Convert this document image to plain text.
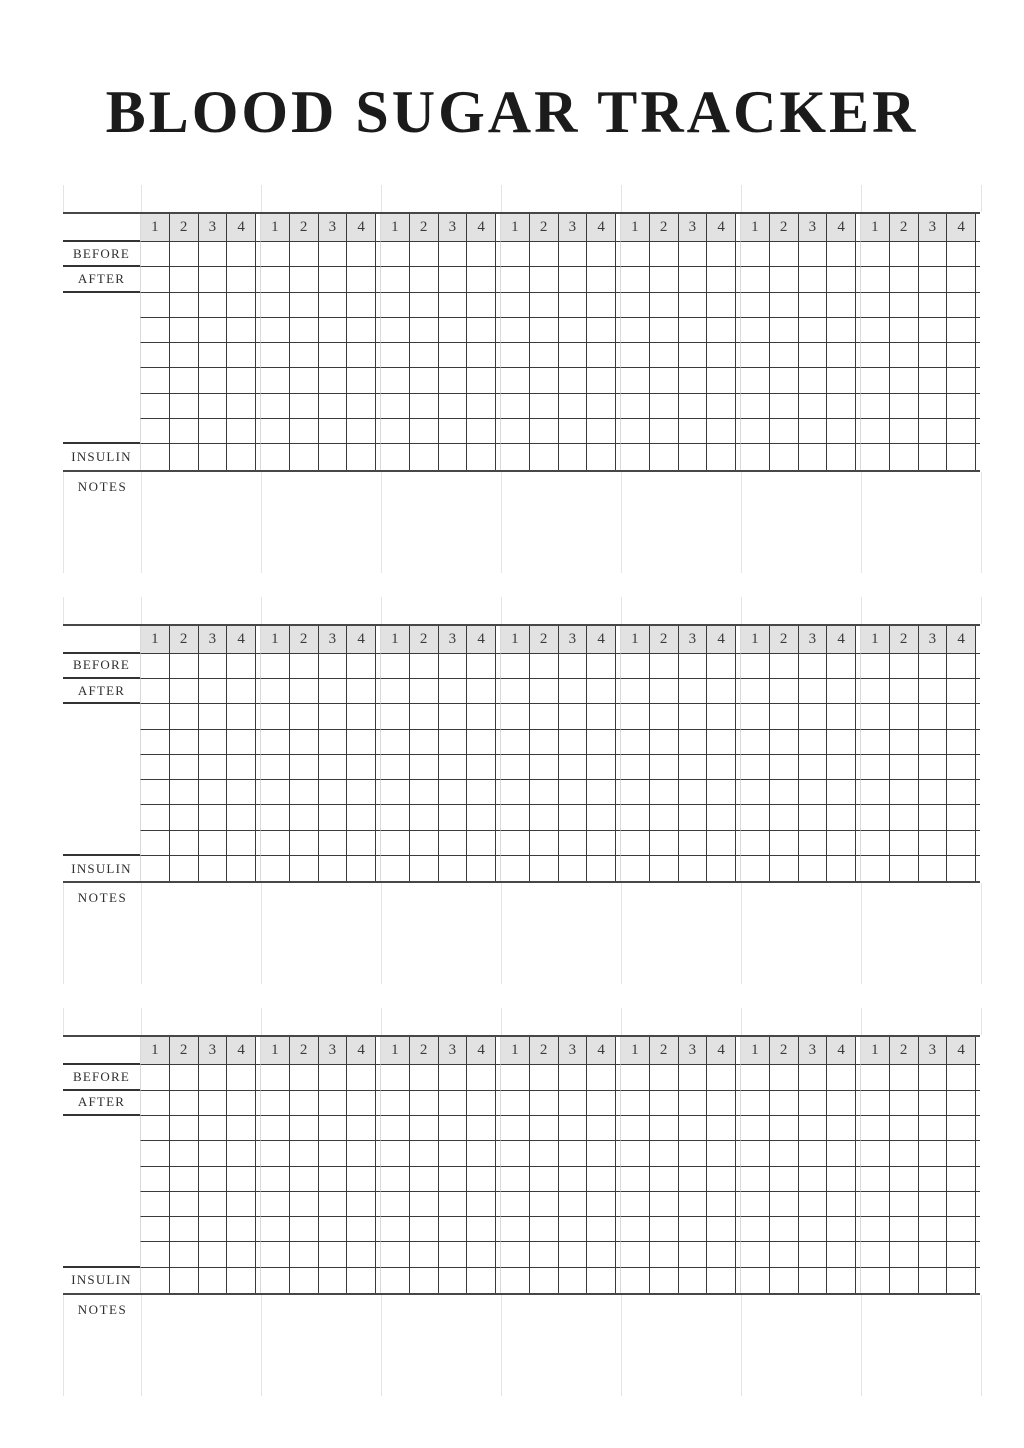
BLOOD SUGAR TRACKER
1	2	3	4	1	2	3	4	1	2	3	4	1	2	3	4	1	2	3	4	1	2	3	4	1	2	3	4
BEFORE
AFTER
INSULIN
NOTES
1	2	3	4	1	2	3	4	1	2	3	4	1	2	3	4	1	2	3	4	1	2	3	4	1	2	3	4
BEFORE
AFTER
INSULIN
NOTES
1	2	3	4	1	2	3	4	1	2	3	4	1	2	3	4	1	2	3	4	1	2	3	4	1	2	3	4
BEFORE
AFTER
INSULIN
NOTES
